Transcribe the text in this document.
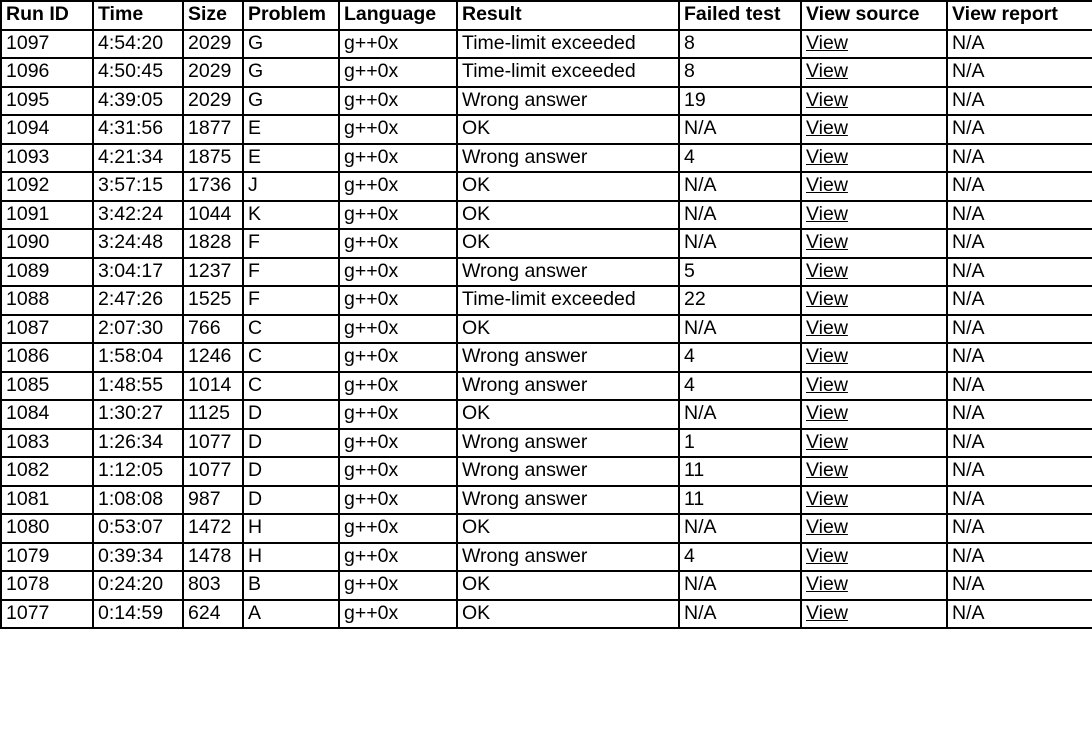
Run ID	Time	Size	Problem	Language	Result	Failed test	View source	View report
1097	4:54:20	2029	G	g++0x	Time-limit exceeded	8	View	N/A
1096	4:50:45	2029	G	g++0x	Time-limit exceeded	8	View	N/A
1095	4:39:05	2029	G	g++0x	Wrong answer	19	View	N/A
1094	4:31:56	1877	E	g++0x	OK	N/A	View	N/A
1093	4:21:34	1875	E	g++0x	Wrong answer	4	View	N/A
1092	3:57:15	1736	J	g++0x	OK	N/A	View	N/A
1091	3:42:24	1044	K	g++0x	OK	N/A	View	N/A
1090	3:24:48	1828	F	g++0x	OK	N/A	View	N/A
1089	3:04:17	1237	F	g++0x	Wrong answer	5	View	N/A
1088	2:47:26	1525	F	g++0x	Time-limit exceeded	22	View	N/A
1087	2:07:30	766	C	g++0x	OK	N/A	View	N/A
1086	1:58:04	1246	C	g++0x	Wrong answer	4	View	N/A
1085	1:48:55	1014	C	g++0x	Wrong answer	4	View	N/A
1084	1:30:27	1125	D	g++0x	OK	N/A	View	N/A
1083	1:26:34	1077	D	g++0x	Wrong answer	1	View	N/A
1082	1:12:05	1077	D	g++0x	Wrong answer	11	View	N/A
1081	1:08:08	987	D	g++0x	Wrong answer	11	View	N/A
1080	0:53:07	1472	H	g++0x	OK	N/A	View	N/A
1079	0:39:34	1478	H	g++0x	Wrong answer	4	View	N/A
1078	0:24:20	803	B	g++0x	OK	N/A	View	N/A
1077	0:14:59	624	A	g++0x	OK	N/A	View	N/A
